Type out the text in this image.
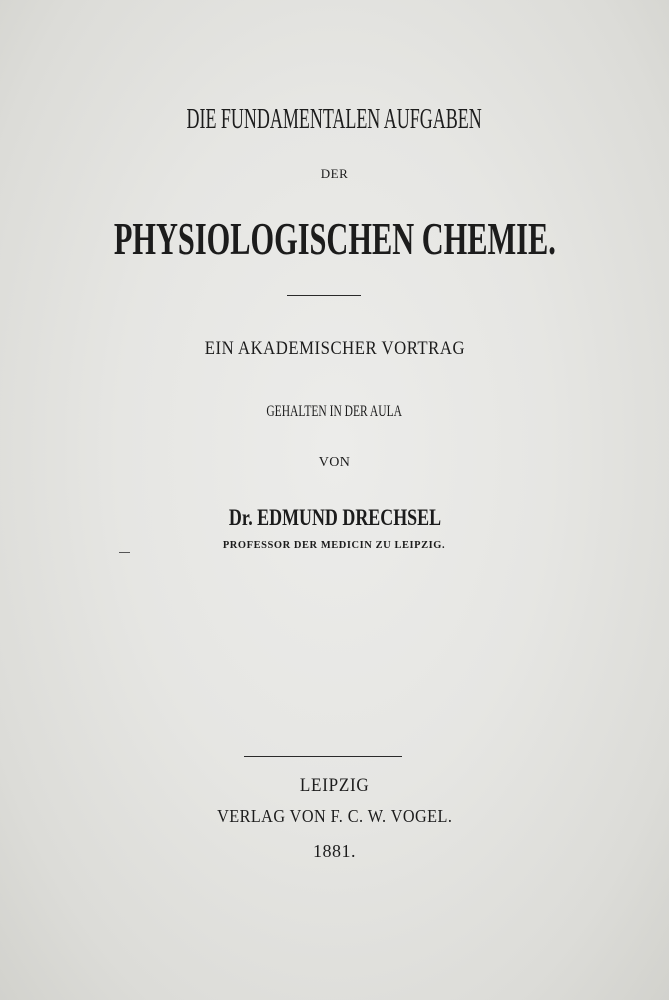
DIE FUNDAMENTALEN AUFGABEN
DER
PHYSIOLOGISCHEN CHEMIE.
EIN AKADEMISCHER VORTRAG
GEHALTEN IN DER AULA
VON
Dr. EDMUND DRECHSEL
PROFESSOR DER MEDICIN ZU LEIPZIG.
LEIPZIG
VERLAG VON F. C. W. VOGEL.
1881.
